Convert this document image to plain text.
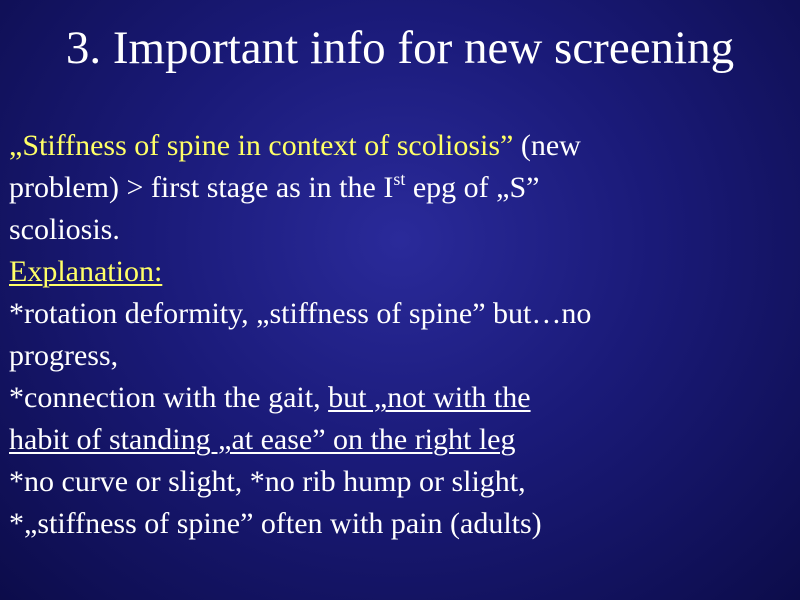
3. Important info for new screening

„Stiffness of spine in context of scoliosis” (new

problem) > first stage as in the Ist epg of „S”

scoliosis.

Explanation:

*rotation deformity, „stiffness of spine” but…no

progress,

*connection with the gait, but „not with the

habit of standing „at ease” on the right leg

*no curve or slight, *no rib hump or slight,

*„stiffness of spine” often with pain (adults)
